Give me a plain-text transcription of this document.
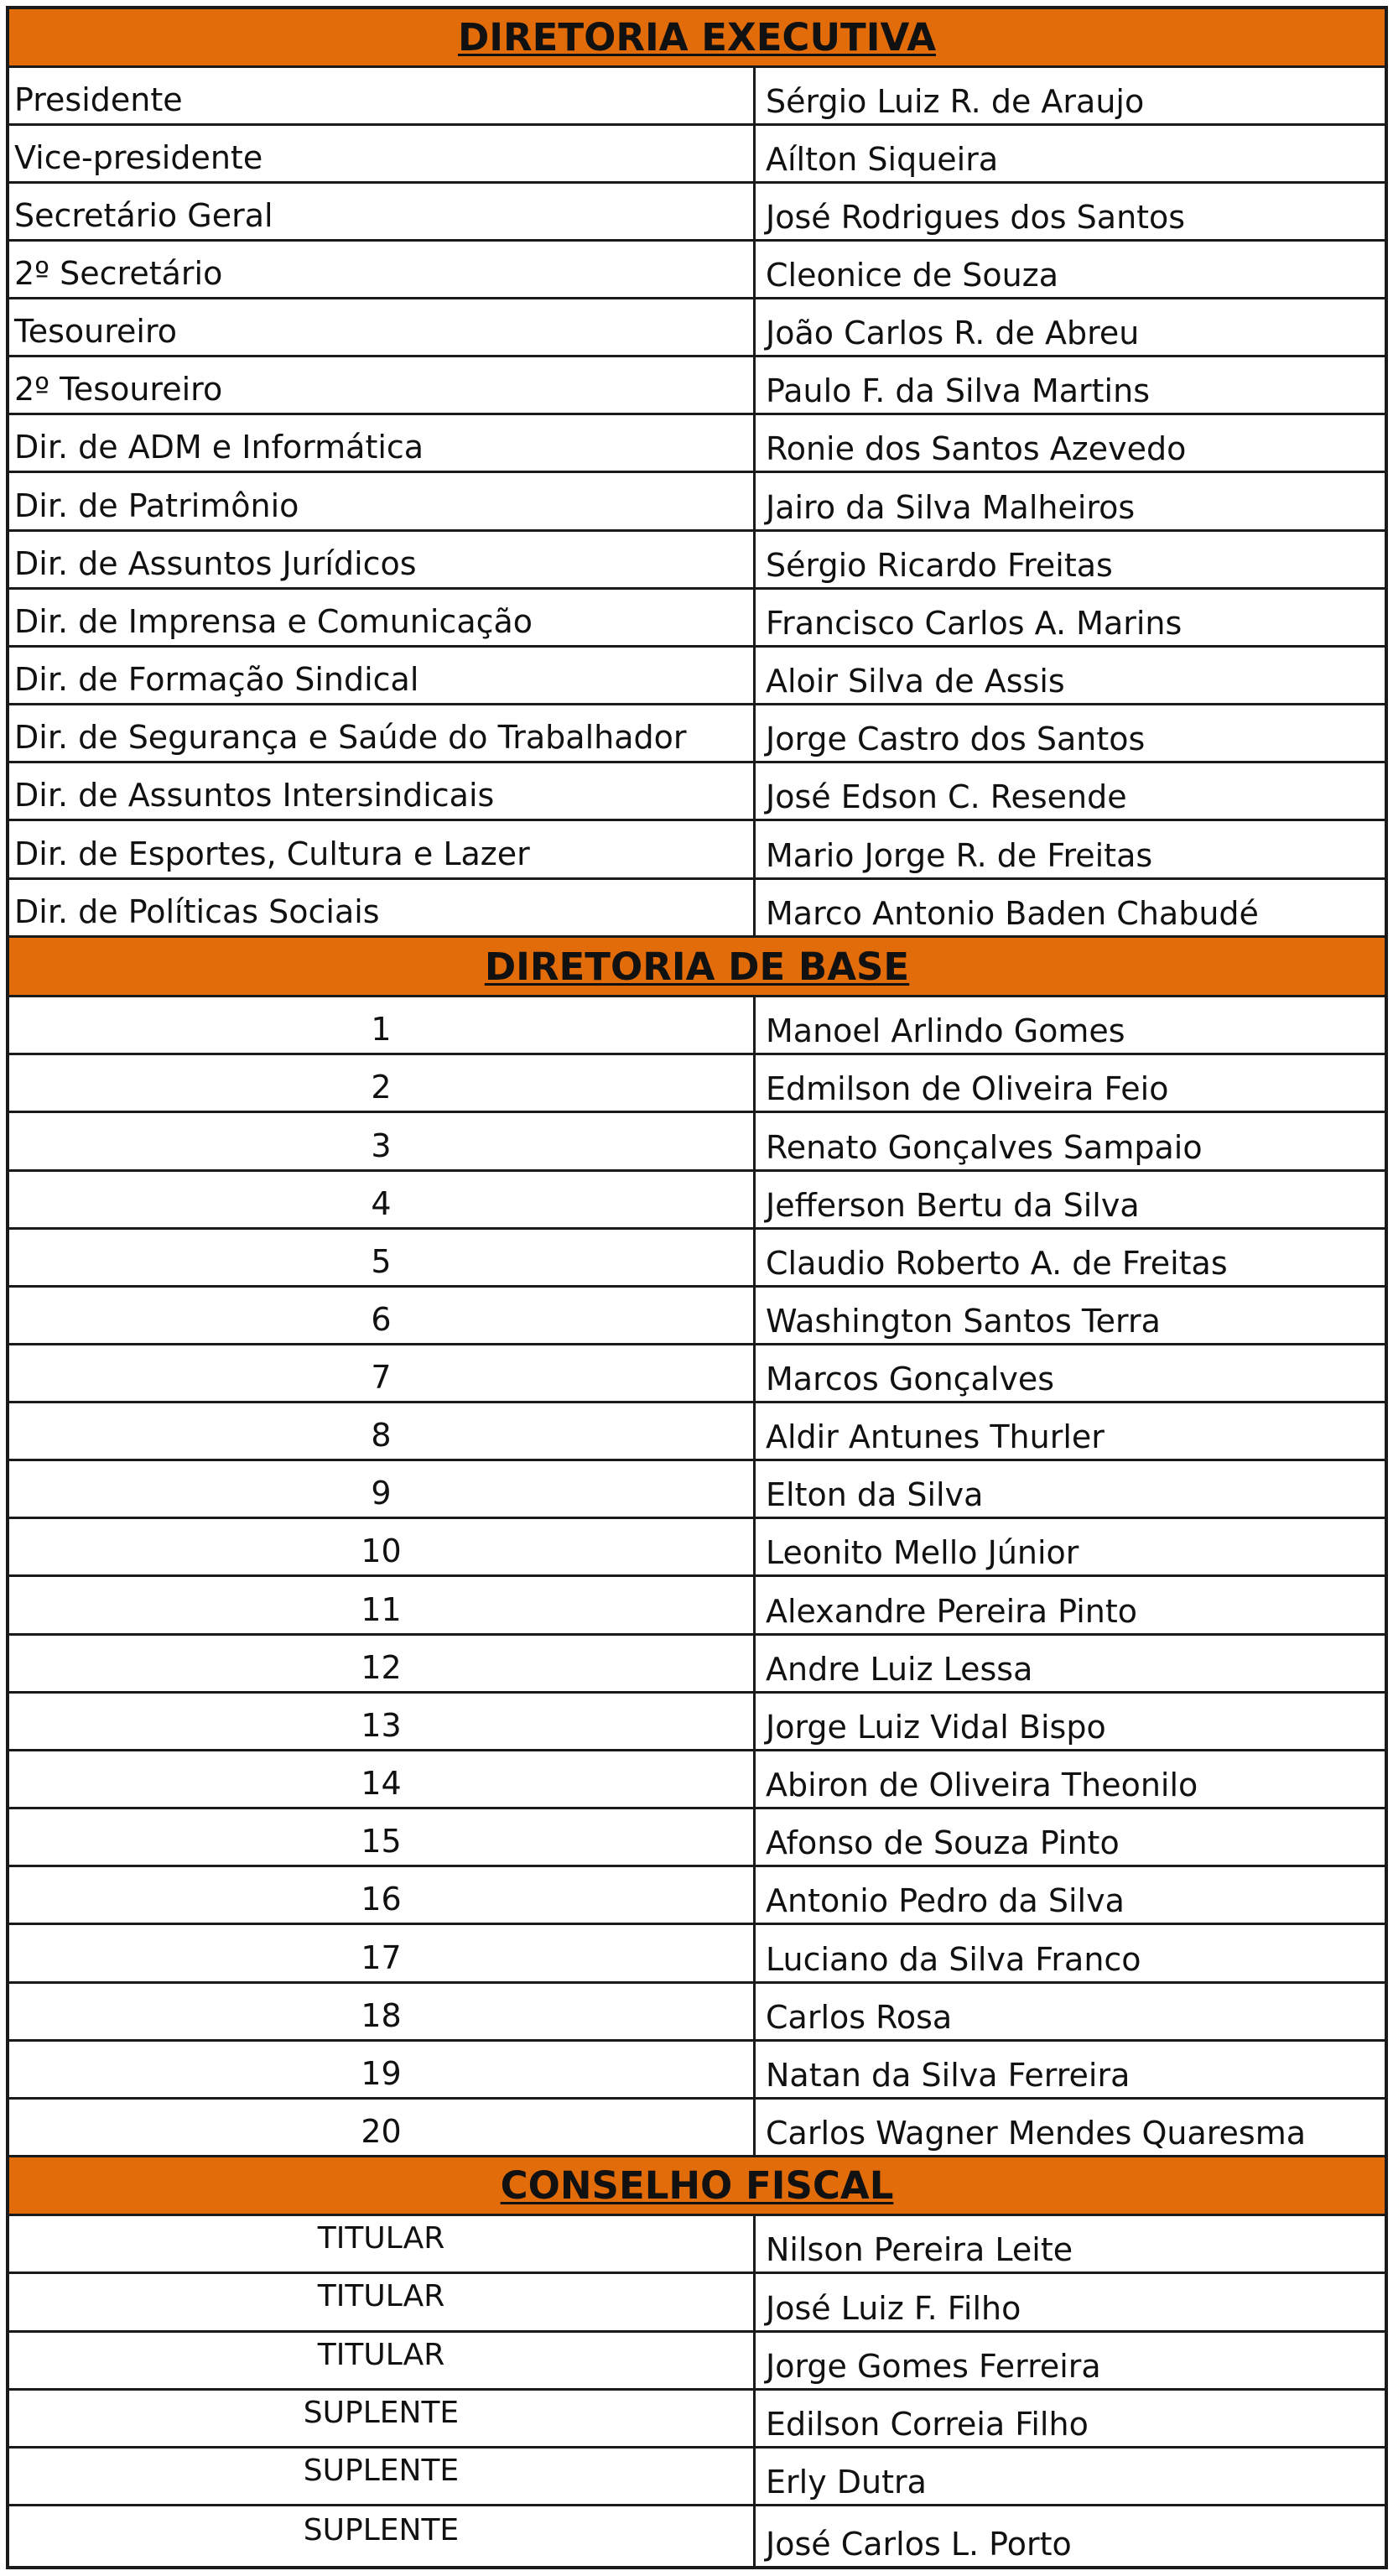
DIRETORIA EXECUTIVA
Presidente	Sérgio Luiz R. de Araujo
Vice-presidente	Aílton Siqueira
Secretário Geral	José Rodrigues dos Santos
2º Secretário	Cleonice de Souza
Tesoureiro	João Carlos R. de Abreu
2º Tesoureiro	Paulo F. da Silva Martins
Dir. de ADM e Informática	Ronie dos Santos Azevedo
Dir. de Patrimônio	Jairo da Silva Malheiros
Dir. de Assuntos Jurídicos	Sérgio Ricardo Freitas
Dir. de Imprensa e Comunicação	Francisco Carlos A. Marins
Dir. de Formação Sindical	Aloir Silva de Assis
Dir. de Segurança e Saúde do Trabalhador	Jorge Castro dos Santos
Dir. de Assuntos Intersindicais	José Edson C. Resende
Dir. de Esportes, Cultura e Lazer	Mario Jorge R. de Freitas
Dir. de Políticas Sociais	Marco Antonio Baden Chabudé
DIRETORIA DE BASE
1	Manoel Arlindo Gomes
2	Edmilson de Oliveira Feio
3	Renato Gonçalves Sampaio
4	Jefferson Bertu da Silva
5	Claudio Roberto A. de Freitas
6	Washington Santos Terra
7	Marcos Gonçalves
8	Aldir Antunes Thurler
9	Elton da Silva
10	Leonito Mello Júnior
11	Alexandre Pereira Pinto
12	Andre Luiz Lessa
13	Jorge Luiz Vidal Bispo
14	Abiron de Oliveira Theonilo
15	Afonso de Souza Pinto
16	Antonio Pedro da Silva
17	Luciano da Silva Franco
18	Carlos Rosa
19	Natan da Silva Ferreira
20	Carlos Wagner Mendes Quaresma
CONSELHO FISCAL
TITULAR	Nilson Pereira Leite
TITULAR	José Luiz F. Filho
TITULAR	Jorge Gomes Ferreira
SUPLENTE	Edilson Correia Filho
SUPLENTE	Erly Dutra
SUPLENTE	José Carlos L. Porto
